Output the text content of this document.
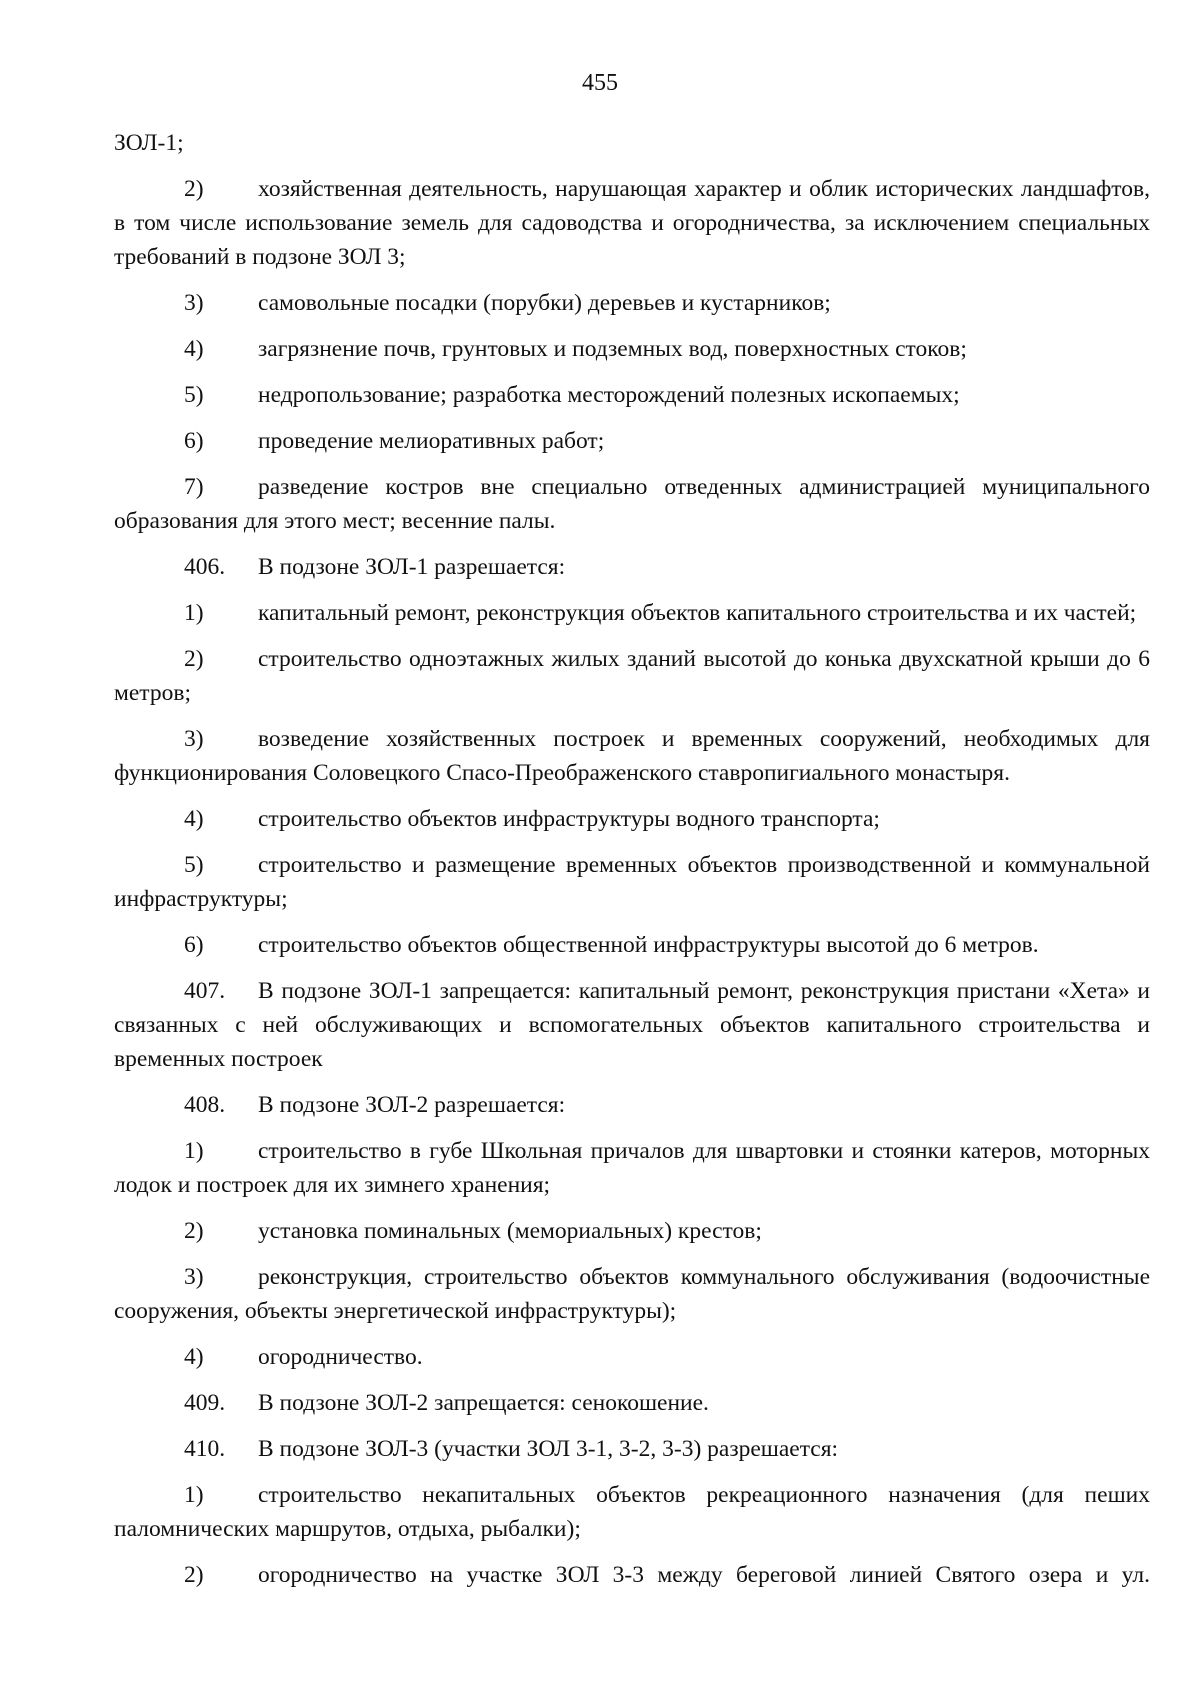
455

ЗОЛ-1;

2) хозяйственная деятельность, нарушающая характер и облик исторических ландшафтов, в том числе использование земель для садоводства и огородничества, за исключением специальных требований в подзоне ЗОЛ 3;

3) самовольные посадки (порубки) деревьев и кустарников;

4) загрязнение почв, грунтовых и подземных вод, поверхностных стоков;

5) недропользование; разработка месторождений полезных ископаемых;

6) проведение мелиоративных работ;

7) разведение костров вне специально отведенных администрацией муниципального образования для этого мест; весенние палы.

406. В подзоне ЗОЛ-1 разрешается:

1) капитальный ремонт, реконструкция объектов капитального строительства и их частей;

2) строительство одноэтажных жилых зданий высотой до конька двухскатной крыши до 6 метров;

3) возведение хозяйственных построек и временных сооружений, необходимых для функционирования Соловецкого Спасо-Преображенского ставропигиального монастыря.

4) строительство объектов инфраструктуры водного транспорта;

5) строительство и размещение временных объектов производственной и коммунальной инфраструктуры;

6) строительство объектов общественной инфраструктуры высотой до 6 метров.

407. В подзоне ЗОЛ-1 запрещается: капитальный ремонт, реконструкция пристани «Хета» и связанных с ней обслуживающих и вспомогательных объектов капитального строительства и временных построек

408. В подзоне ЗОЛ-2 разрешается:

1) строительство в губе Школьная причалов для швартовки и стоянки катеров, моторных лодок и построек для их зимнего хранения;

2) установка поминальных (мемориальных) крестов;

3) реконструкция, строительство объектов коммунального обслуживания (водоочистные сооружения, объекты энергетической инфраструктуры);

4) огородничество.

409. В подзоне ЗОЛ-2 запрещается: сенокошение.

410. В подзоне ЗОЛ-3 (участки ЗОЛ 3-1, 3-2, 3-3) разрешается:

1) строительство некапитальных объектов рекреационного назначения (для пеших паломнических маршрутов, отдыха, рыбалки);

2) огородничество на участке ЗОЛ 3-3 между береговой линией Святого озера и ул.
